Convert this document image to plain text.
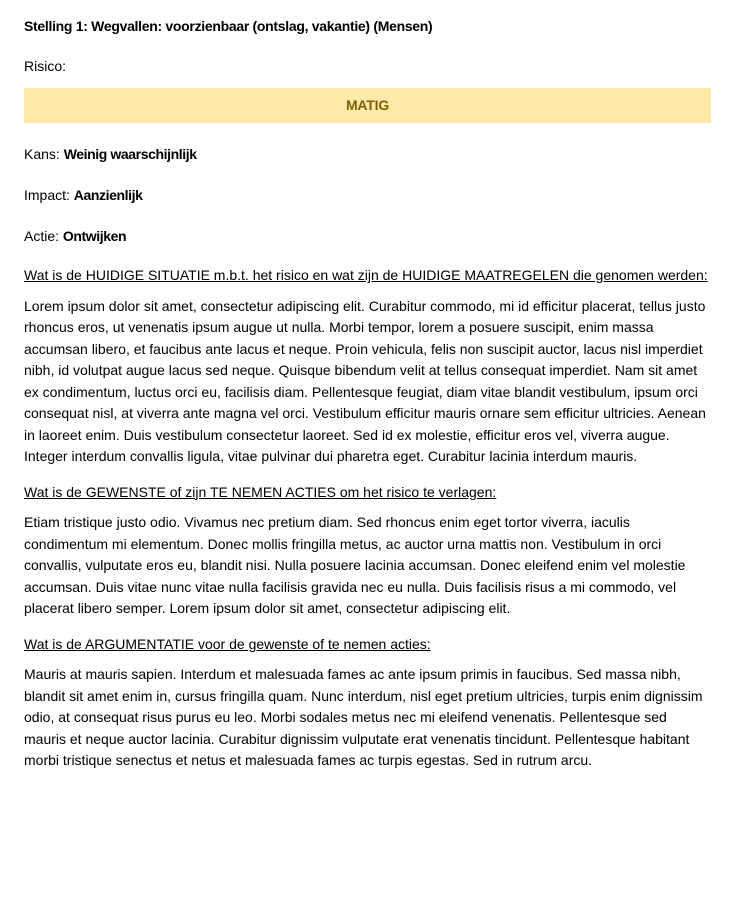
Stelling 1: Wegvallen: voorzienbaar (ontslag, vakantie) (Mensen)

Risico:
MATIG
Kans: Weinig waarschijnlijk
Impact: Aanzienlijk
Actie: Ontwijken

Wat is de HUIDIGE SITUATIE m.b.t. het risico en wat zijn de HUIDIGE MAATREGELEN die genomen werden:

Lorem ipsum dolor sit amet, consectetur adipiscing elit. Curabitur commodo, mi id efficitur placerat, tellus justo rhoncus eros, ut venenatis ipsum augue ut nulla. Morbi tempor, lorem a posuere suscipit, enim massa accumsan libero, et faucibus ante lacus et neque. Proin vehicula, felis non suscipit auctor, lacus nisl imperdiet nibh, id volutpat augue lacus sed neque. Quisque bibendum velit at tellus consequat imperdiet. Nam sit amet ex condimentum, luctus orci eu, facilisis diam. Pellentesque feugiat, diam vitae blandit vestibulum, ipsum orci consequat nisl, at viverra ante magna vel orci. Vestibulum efficitur mauris ornare sem efficitur ultricies. Aenean in laoreet enim. Duis vestibulum consectetur laoreet. Sed id ex molestie, efficitur eros vel, viverra augue. Integer interdum convallis ligula, vitae pulvinar dui pharetra eget. Curabitur lacinia interdum mauris.

Wat is de GEWENSTE of zijn TE NEMEN ACTIES om het risico te verlagen:

Etiam tristique justo odio. Vivamus nec pretium diam. Sed rhoncus enim eget tortor viverra, iaculis condimentum mi elementum. Donec mollis fringilla metus, ac auctor urna mattis non. Vestibulum in orci convallis, vulputate eros eu, blandit nisi. Nulla posuere lacinia accumsan. Donec eleifend enim vel molestie accumsan. Duis vitae nunc vitae nulla facilisis gravida nec eu nulla. Duis facilisis risus a mi commodo, vel placerat libero semper. Lorem ipsum dolor sit amet, consectetur adipiscing elit.

Wat is de ARGUMENTATIE voor de gewenste of te nemen acties:

Mauris at mauris sapien. Interdum et malesuada fames ac ante ipsum primis in faucibus. Sed massa nibh, blandit sit amet enim in, cursus fringilla quam. Nunc interdum, nisl eget pretium ultricies, turpis enim dignissim odio, at consequat risus purus eu leo. Morbi sodales metus nec mi eleifend venenatis. Pellentesque sed mauris et neque auctor lacinia. Curabitur dignissim vulputate erat venenatis tincidunt. Pellentesque habitant morbi tristique senectus et netus et malesuada fames ac turpis egestas. Sed in rutrum arcu.
